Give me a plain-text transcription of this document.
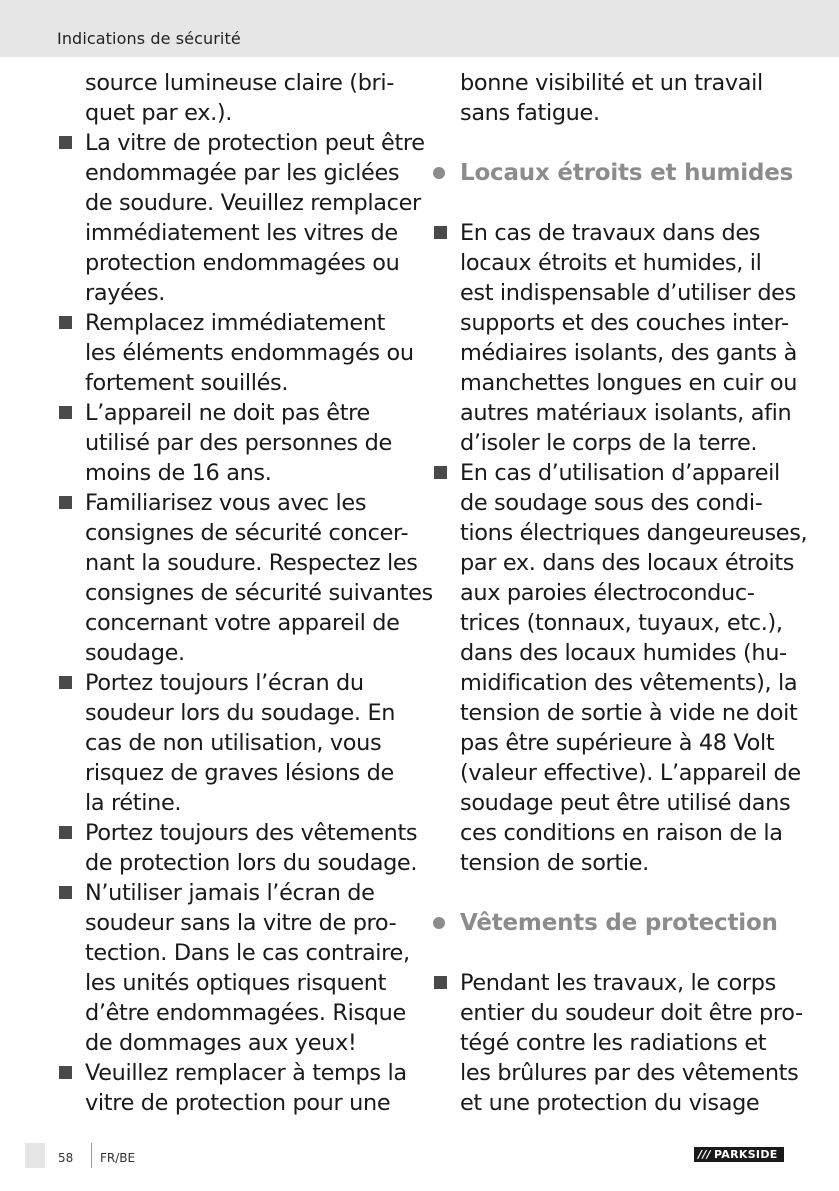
Indications de sécurité
source lumineuse claire (bri-
quet par ex.).
La vitre de protection peut être
endommagée par les giclées
de soudure. Veuillez remplacer
immédiatement les vitres de
protection endommagées ou
rayées.
Remplacez immédiatement
les éléments endommagés ou
fortement souillés.
L’appareil ne doit pas être
utilisé par des personnes de
moins de 16 ans.
Familiarisez vous avec les
consignes de sécurité concer-
nant la soudure. Respectez les
consignes de sécurité suivantes
concernant votre appareil de
soudage.
Portez toujours l’écran du
soudeur lors du soudage. En
cas de non utilisation, vous
risquez de graves lésions de
la rétine.
Portez toujours des vêtements
de protection lors du soudage.
N’utiliser jamais l’écran de
soudeur sans la vitre de pro-
tection. Dans le cas contraire,
les unités optiques risquent
d’être endommagées. Risque
de dommages aux yeux!
Veuillez remplacer à temps la
vitre de protection pour une
bonne visibilité et un travail
sans fatigue.
Locaux étroits et humides
En cas de travaux dans des
locaux étroits et humides, il
est indispensable d’utiliser des
supports et des couches inter-
médiaires isolants, des gants à
manchettes longues en cuir ou
autres matériaux isolants, afin
d’isoler le corps de la terre.
En cas d’utilisation d’appareil
de soudage sous des condi-
tions électriques dangeureuses,
par ex. dans des locaux étroits
aux paroies électroconduc-
trices (tonnaux, tuyaux, etc.),
dans des locaux humides (hu-
midification des vêtements), la
tension de sortie à vide ne doit
pas être supérieure à 48 Volt
(valeur effective). L’appareil de
soudage peut être utilisé dans
ces conditions en raison de la
tension de sortie.
Vêtements de protection
Pendant les travaux, le corps
entier du soudeur doit être pro-
tégé contre les radiations et
les brûlures par des vêtements
et une protection du visage
58 FR/BE	/// PARKSIDE
